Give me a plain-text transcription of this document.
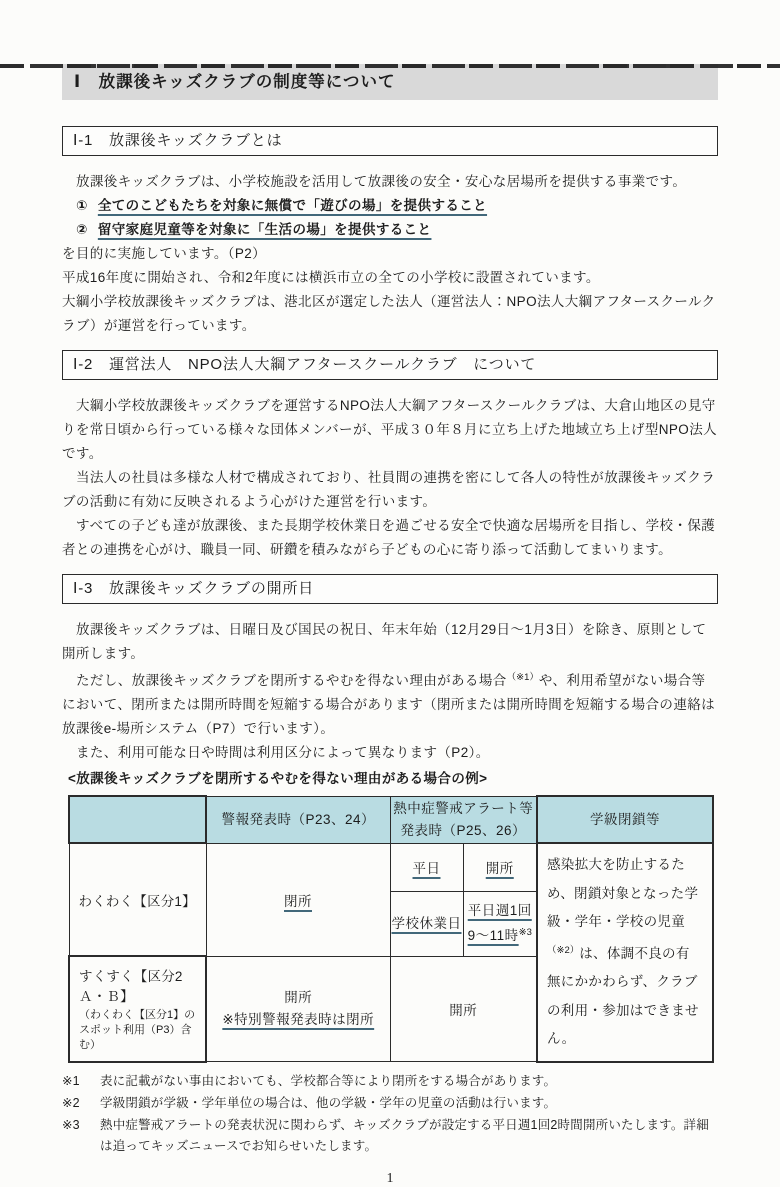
Ⅰ　放課後キッズクラブの制度等について
Ⅰ-1　放課後キッズクラブとは

放課後キッズクラブは、小学校施設を活用して放課後の安全・安心な居場所を提供する事業です。

① 全てのこどもたちを対象に無償で「遊びの場」を提供すること

② 留守家庭児童等を対象に「生活の場」を提供すること

を目的に実施しています。（P2）

平成16年度に開始され、令和2年度には横浜市立の全ての小学校に設置されています。

大綱小学校放課後キッズクラブは、港北区が選定した法人（運営法人：NPO法人大綱アフタースクールクラブ）が運営を行っています。

Ⅰ-2　運営法人　NPO法人大綱アフタースクールクラブ　について

大綱小学校放課後キッズクラブを運営するNPO法人大綱アフタースクールクラブは、大倉山地区の見守りを常日頃から行っている様々な団体メンバーが、平成３０年８月に立ち上げた地域立ち上げ型NPO法人です。

当法人の社員は多様な人材で構成されており、社員間の連携を密にして各人の特性が放課後キッズクラブの活動に有効に反映されるよう心がけた運営を行います。

すべての子ども達が放課後、また長期学校休業日を過ごせる安全で快適な居場所を目指し、学校・保護者との連携を心がけ、職員一同、研鑽を積みながら子どもの心に寄り添って活動してまいります。

Ⅰ-3　放課後キッズクラブの開所日

放課後キッズクラブは、日曜日及び国民の祝日、年末年始（12月29日～1月3日）を除き、原則として開所します。

ただし、放課後キッズクラブを閉所するやむを得ない理由がある場合$^{(※1)}$や、利用希望がない場合等において、閉所または開所時間を短縮する場合があります（閉所または開所時間を短縮する場合の連絡は放課後e-場所システム（P7）で行います）。

また、利用可能な日や時間は利用区分によって異なります（P2）。

<放課後キッズクラブを閉所するやむを得ない理由がある場合の例>

	警報発表時（P23、24）	熱中症警戒アラート等
発表時（P25、26）		学級閉鎖等
わくわく【区分1】	閉所	平日	開所	感染拡大を防止するため、閉鎖対象となった学級・学年・学校の児童$^{(※2)}$は、体調不良の有無にかかわらず、クラブの利用・参加はできません。

		学校休業日	平日週1回
9～11時$^{※3}$

すくすく【区分2Ａ・Ｂ】
（わくわく【区分1】のスポット利用（P3）含む）	開所
※特別警報発表時は閉所	開所		
※1	表に記載がない事由においても、学校都合等により閉所をする場合があります。
※2	学級閉鎖が学級・学年単位の場合は、他の学級・学年の児童の活動は行います。
※3	熱中症警戒アラートの発表状況に関わらず、キッズクラブが設定する平日週1回2時間開所いたします。詳細は追ってキッズニュースでお知らせいたします。
1
